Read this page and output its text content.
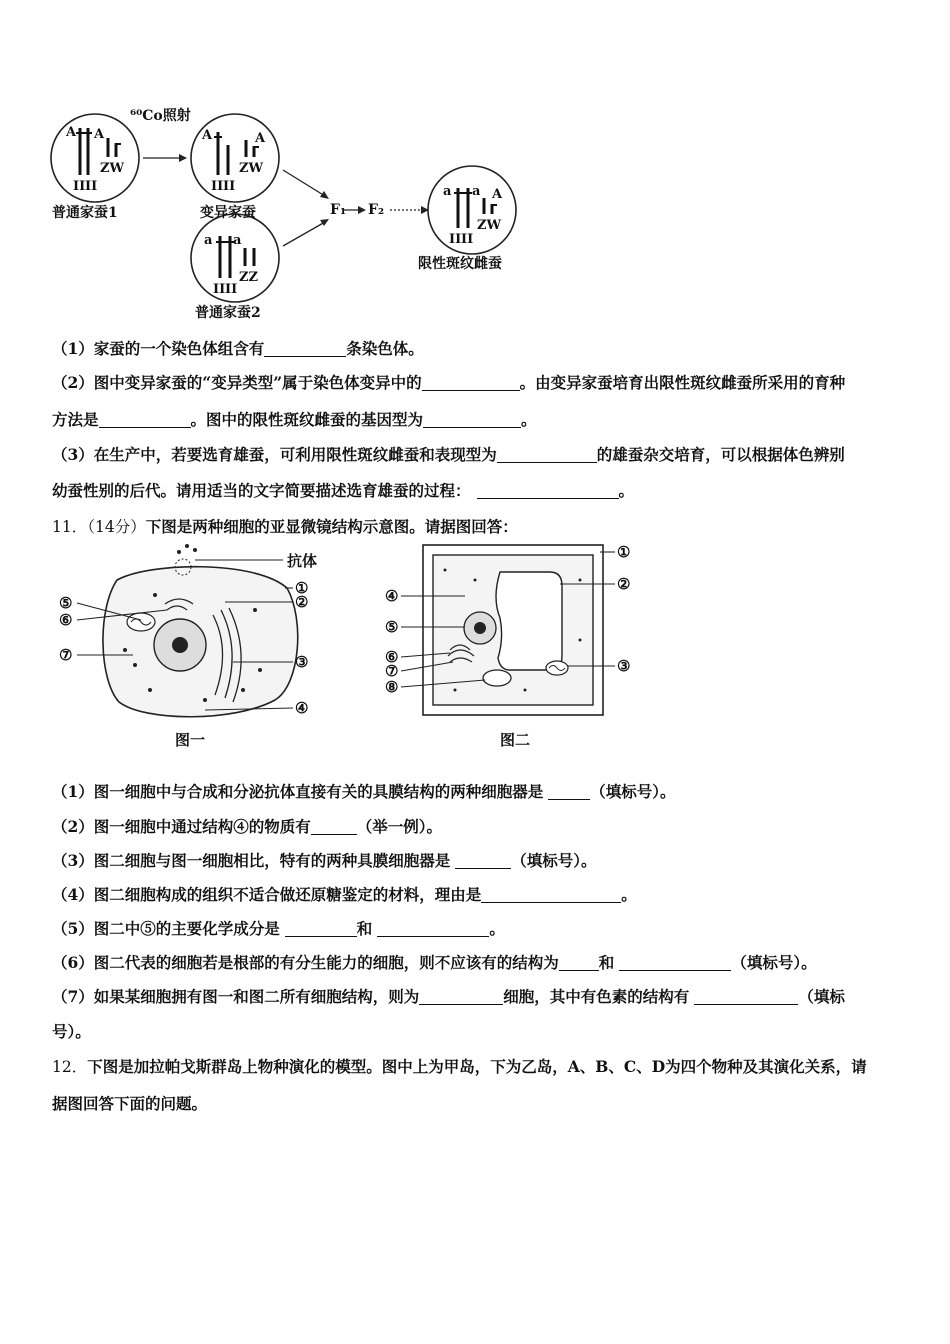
A A	A	A
a a
a a A
II II
ZW
II II
ZW
II II
ZZ
II II
ZW
⁶⁰Co照射
普通家蚕1	变异家蚕
普通家蚕2
限性斑纹雌蚕
F₁ F₂
（1）家蚕的一个染色体组含有	条染色体。
（2）图中变异家蚕的“变异类型”属于染色体变异中的	。由变异家蚕培育出限性斑纹雌蚕所采用的育种
方法是	。图中的限性斑纹雌蚕的基因型为	。
（3）在生产中，若要选育雄蚕，可利用限性斑纹雌蚕和表现型为	的雄蚕杂交培育，可以根据体色辨别
幼蚕性别的后代。请用适当的文字简要描述选育雄蚕的过程：	。
11．（14分）下图是两种细胞的亚显微镜结构示意图。请据图回答：
抗体
①
②
③
④
⑤
⑥
⑦
图一
①
②
③
④
⑤
⑥
⑦
⑧
图二
（1）图一细胞中与合成和分泌抗体直接有关的具膜结构的两种细胞器是	（填标号）。
（2）图一细胞中通过结构④的物质有	（举一例）。
（3）图二细胞与图一细胞相比，特有的两种具膜细胞器是	（填标号）。
（4）图二细胞构成的组织不适合做还原糖鉴定的材料，理由是	。
（5）图二中⑤的主要化学成分是	和	。
（6）图二代表的细胞若是根部的有分生能力的细胞，则不应该有的结构为	和	（填标号）。
（7）如果某细胞拥有图一和图二所有细胞结构，则为	细胞，其中有色素的结构有	（填标
号）。
12．下图是加拉帕戈斯群岛上物种演化的模型。图中上为甲岛，下为乙岛，A、B、C、D为四个物种及其演化关系，请
据图回答下面的问题。
